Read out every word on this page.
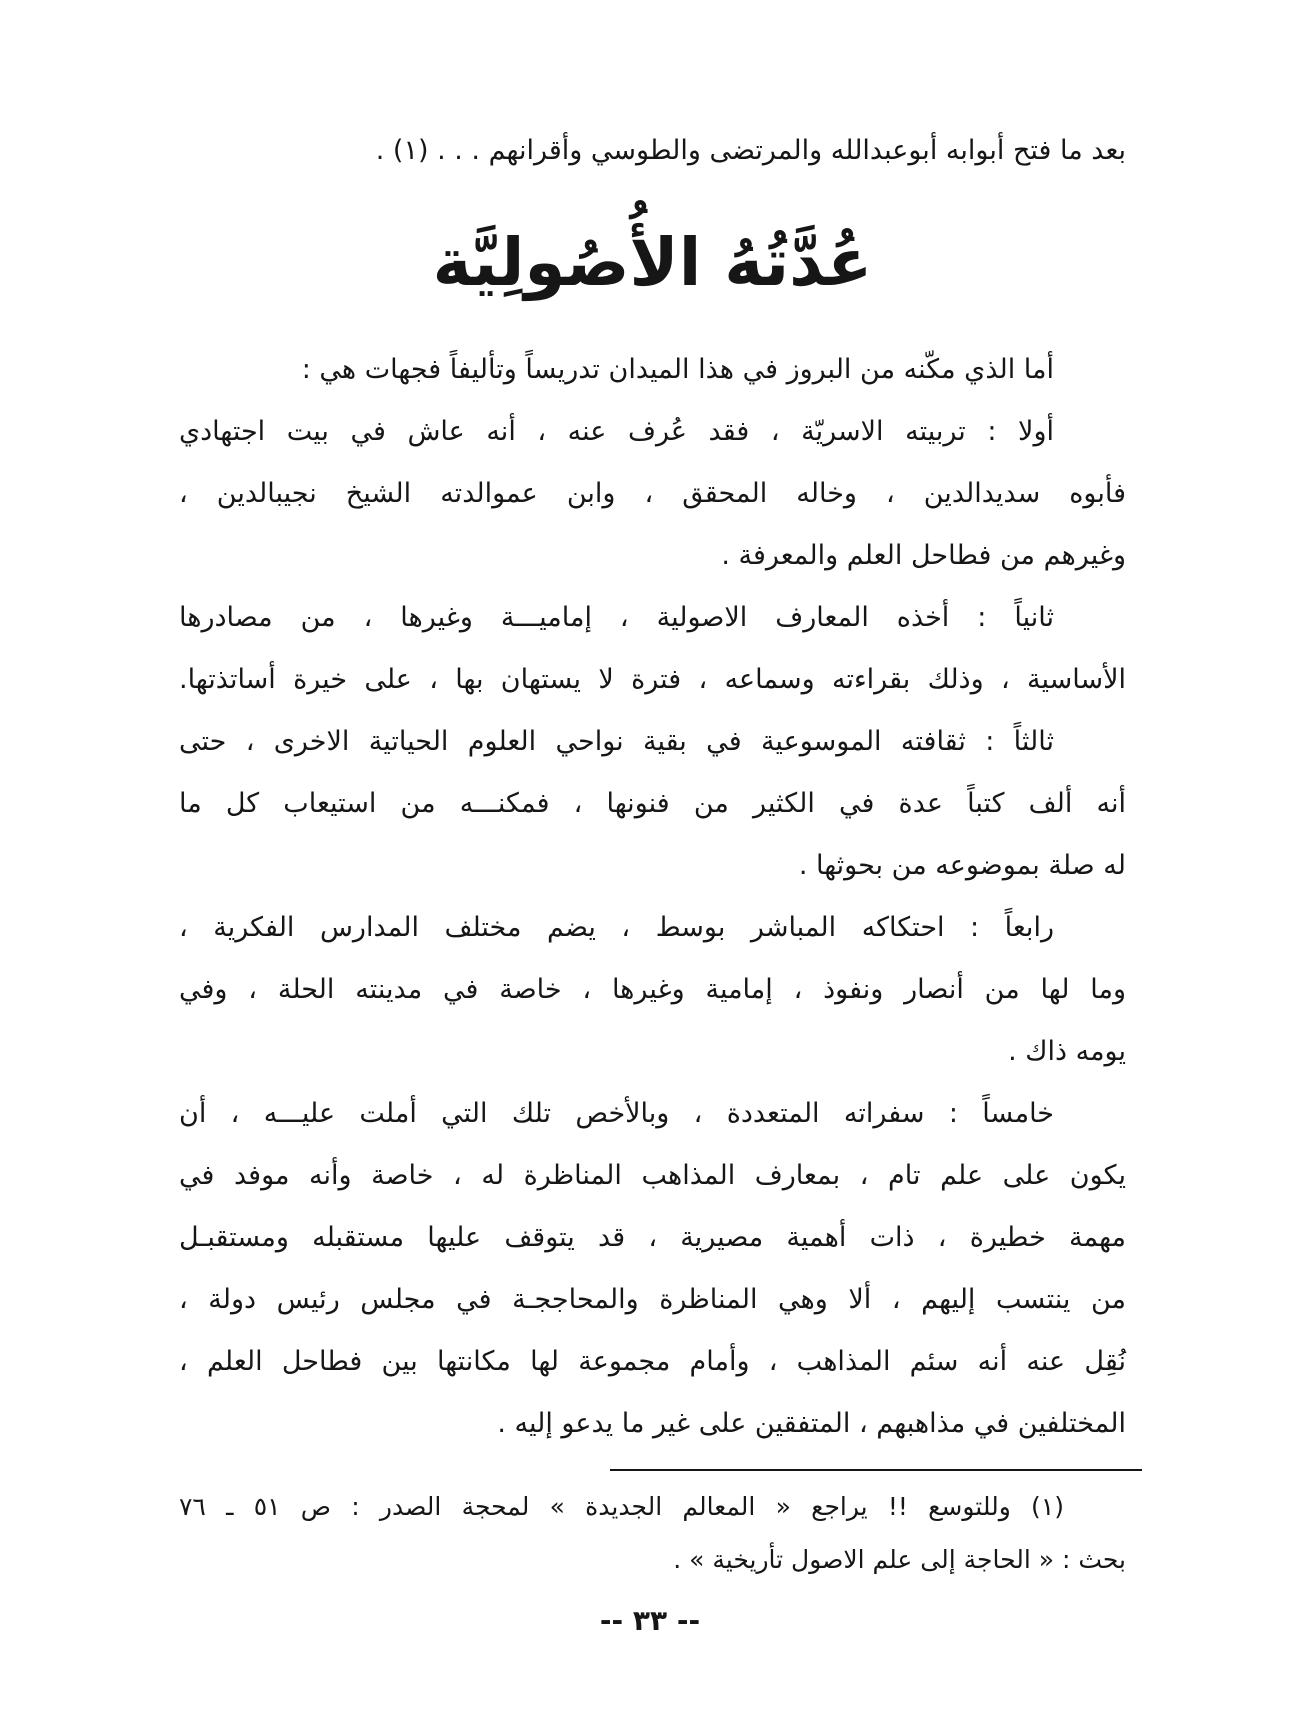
بعد ما فتح أبوابه أبوعبدالله والمرتضى والطوسي وأقرانهم . . . (١) .
عُدَّتُهُ الأُصُولِيَّة
أما الذي مكّنه من البروز في هذا الميدان تدريساً وتأليفاً فجهات هي :
أولا : تربيته الاسريّة ، فقد عُرف عنه ، أنه عاش في بيت اجتهادي
فأبوه سديدالدين ، وخاله المحقق ، وابن عموالدته الشيخ نجيبالدين ،
وغيرهم من فطاحل العلم والمعرفة .
ثانياً : أخذه المعارف الاصولية ، إماميـــة وغيرها ، من مصادرها
الأساسية ، وذلك بقراءته وسماعه ، فترة لا يستهان بها ، على خيرة أساتذتها.
ثالثاً : ثقافته الموسوعية في بقية نواحي العلوم الحياتية الاخرى ، حتى
أنه ألف كتباً عدة في الكثير من فنونها ، فمكنـــه من استيعاب كل ما
له صلة بموضوعه من بحوثها .
رابعاً : احتكاكه المباشر بوسط ، يضم مختلف المدارس الفكرية ،
وما لها من أنصار ونفوذ ، إمامية وغيرها ، خاصة في مدينته الحلة ، وفي
يومه ذاك .
خامساً : سفراته المتعددة ، وبالأخص تلك التي أملت عليـــه ، أن
يكون على علم تام ، بمعارف المذاهب المناظرة له ، خاصة وأنه موفد في
مهمة خطيرة ، ذات أهمية مصيرية ، قد يتوقف عليها مستقبله ومستقبـل
من ينتسب إليهم ، ألا وهي المناظرة والمحاججـة في مجلس رئيس دولة ،
نُقِل عنه أنه سئم المذاهب ، وأمام مجموعة لها مكانتها بين فطاحل العلم ،
المختلفين في مذاهبهم ، المتفقين على غير ما يدعو إليه .
(١) وللتوسع !! يراجع « المعالم الجديدة » لمحجة الصدر : ص ٥١ ـ ٧٦
بحث : « الحاجة إلى علم الاصول تأريخية » .
-- ٣٣ --
